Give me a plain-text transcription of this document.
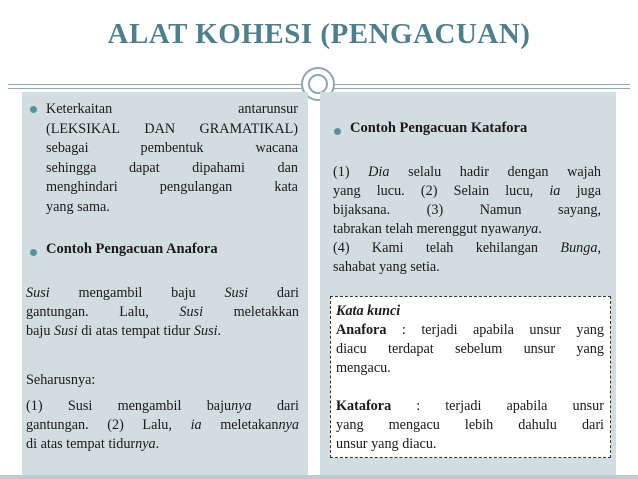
ALAT KOHESI (PENGACUAN)
Keterkaitan	antarunsur
(LEKSIKAL DAN GRAMATIKAL)
sebagai	pembentuk	wacana
sehingga dapat dipahami dan
menghindari	pengulangan	kata
yang sama.
Contoh Pengacuan Anafora
Susi mengambil baju Susi dari
gantungan. Lalu, Susi meletakkan
baju Susi di atas tempat tidur Susi.
Seharusnya:
(1) Susi mengambil bajunya dari
gantungan. (2) Lalu, ia meletakannya
di atas tempat tidurnya.
Contoh Pengacuan Katafora
(1) Dia selalu hadir dengan wajah
yang lucu. (2) Selain lucu, ia juga
bijaksana. (3) Namun sayang,
tabrakan telah merenggut nyawanya.
(4) Kami telah kehilangan Bunga,
sahabat yang setia.
Kata kunci
Anafora : terjadi apabila unsur yang
diacu terdapat sebelum unsur yang
mengacu.
Katafora : terjadi apabila unsur
yang mengacu lebih dahulu dari
unsur yang diacu.
